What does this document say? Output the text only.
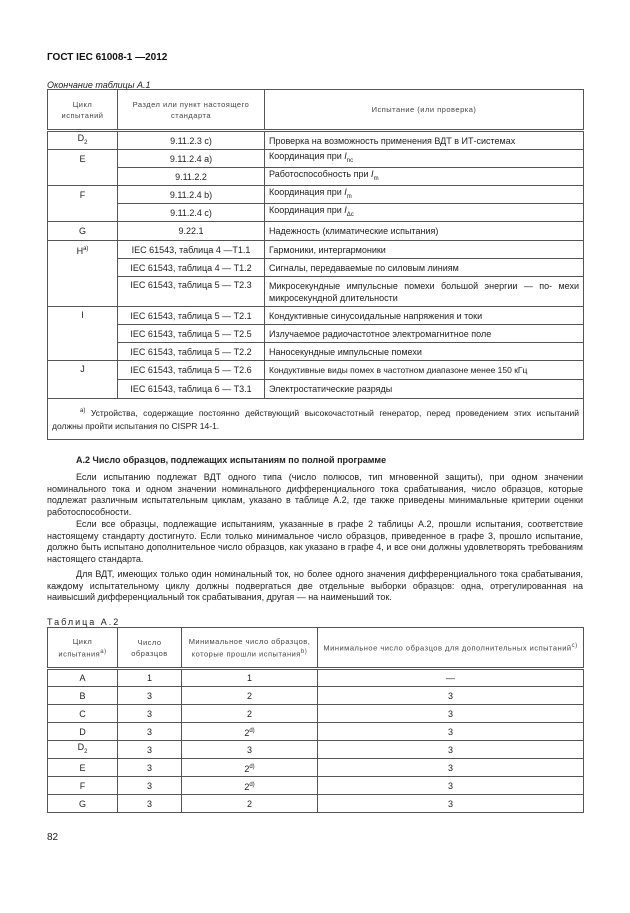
ГОСТ IEC 61008-1 —2012
Окончание таблицы А.1
Цикл испытаний	Раздел или пункт настоящего стандарта	Испытание (или проверка)
$D_2$	9.11.2.3 c)	Проверка на возможность применения ВДТ в ИТ-системах
E	9.11.2.4 a)	Координация при $I_{nc}$
	9.11.2.2	Работоспособность при $I_m$
F	9.11.2.4 b)	Координация при $I_m$
	9.11.2.4 c)	Координация при $I_{\Delta c}$
G	9.22.1	Надежность (климатические испытания)
$H^{a)}$	IEC 61543, таблица 4 —T1.1	Гармоники, интергармоники
	IEC 61543, таблица 4 — T1.2	Сигналы, передаваемые по силовым линиям
	IEC 61543, таблица 5 — T2.3	Микросекундные импульсные помехи большой энергии — по- мехи микросекундной длительности
I	IEC 61543, таблица 5 — T2.1	Кондуктивные синусоидальные напряжения и токи
	IEC 61543, таблица 5 — T2.5	Излучаемое радиочастотное электромагнитное поле
	IEC 61543, таблица 5 — T2.2	Наносекундные импульсные помехи
J	IEC 61543, таблица 5 — T2.6	Кондуктивные виды помех в частотном диапазоне менее 150 кГц
	IEC 61543, таблица 6 — T3.1	Электростатические разряды
$^{a)}$ Устройства, содержащие постоянно действующий высокочастотный генератор, перед проведением этих испытаний должны пройти испытания по CISPR 14-1.		
А.2 Число образцов, подлежащих испытаниям по полной программе
Если испытанию подлежат ВДТ одного типа (число полюсов, тип мгновенной защиты), при одном значении номинального тока и одном значении номинального дифференциального тока срабатывания, число образцов, которые подлежат различным испытательным циклам, указано в таблице А.2, где также приведены минимальные критерии оценки работоспособности.
Если все образцы, подлежащие испытаниям, указанные в графе 2 таблицы А.2, прошли испытания, соответствие настоящему стандарту достигнуто. Если только минимальное число образцов, приведенное в графе 3, прошло испытание, должно быть испытано дополнительное число образцов, как указано в графе 4, и все они должны удовлетворять требованиям настоящего стандарта.
Для ВДТ, имеющих только один номинальный ток, но более одного значения дифференциального тока срабатывания, каждому испытательному циклу должны подвергаться две отдельные выборки образцов: одна, отрегулированная на наивысший дифференциальный ток срабатывания, другая — на наименьший ток.
Таблица А.2
Цикл испытания$^{a)}$	Число образцов	Минимальное число образцов, которые прошли испытания$^{b)}$	Минимальное число образцов для дополнительных испытаний$^{c)}$
A	1	1	—
B	3	2	3
C	3	2	3
D	3	2$^{d)}$	3
$D_2$	3	3	3
E	3	2$^{d)}$	3
F	3	2$^{d)}$	3
G	3	2	3
82
